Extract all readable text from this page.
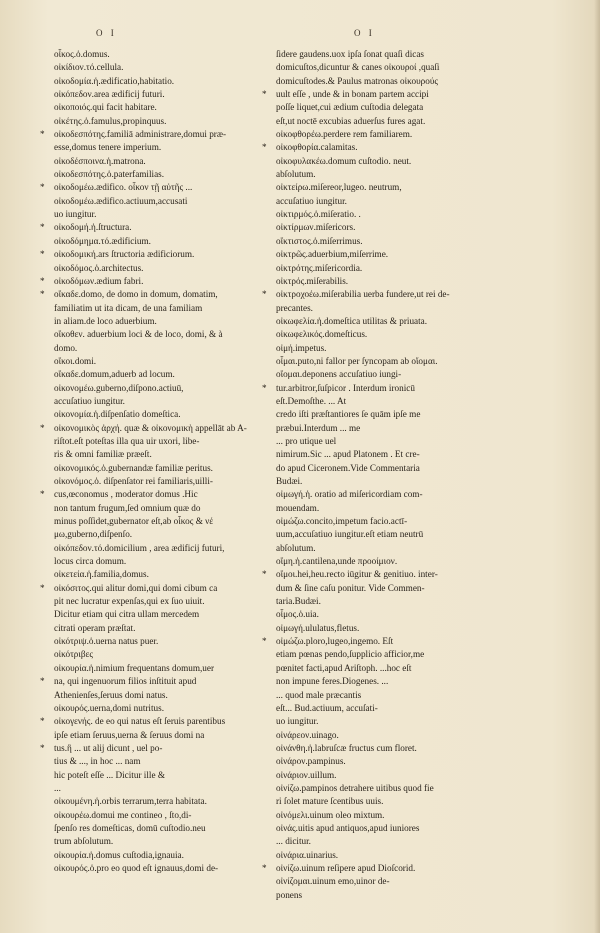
O I	O I
οἶκος.ὁ.domus.
οἰκίδιον.τό.cellula.
οἰκοδομία.ἡ.ædificatio,habitatio.
οἰκόπεδον.area ædificij futuri.
οἰκοποιός.qui facit habitare.
οἰκέτης.ὁ.famulus,propinquus.
* οἰκοδεσπότης.familiā administrare,domui præ-
esse,domus tenere imperium.
οἰκοδέσποινα.ἡ.matrona.
οἰκοδεσπότης.ὁ.paterfamilias.
* οἰκοδομέω.ædifico. οἶκον τῇ αὐτῆς ...
οἰκοδομέω.ædifico.actiuum,accusati
uo iungitur.
* οἰκοδομή.ἡ.ſtructura.
οἰκοδόμημα.τό.ædificium.
* οἰκοδομική.ars ſtructoria ædificiorum.
οἰκοδόμος.ὁ.architectus.
* οἰκοδόμων.ædium fabri.
* οἴκαδε.domo, de domo in domum, domatim,
familiatim ut ita dicam, de una familiam
in aliam.de loco aduerbium.
οἴκοθεν. aduerbium loci & de loco, domi, & à
domo.
οἴκοι.domi.
οἴκαδε.domum,aduerb ad locum.
οἰκονομέω.guberno,diſpono.actiuū,
accuſatiuo iungitur.
οἰκονομία.ἡ.diſpenſatio domeſtica.
* οἰκονομικὸς ἀρχή. quæ & οἰκονομικὴ appellāt ab A-
riſtot.eſt poteſtas illa qua uir uxori, libe-
ris & omni familiæ præeſt.
οἰκονομικός.ὁ.gubernandæ familiæ peritus.
οἰκονόμος.ὁ. diſpenſator rei familiaris,uilli-
* cus,œconomus , moderator domus .Hic
non tantum frugum,ſed omnium quæ do
minus poſſidet,gubernator eſt,ab οἶκος & νέ
μω,guberno,diſpenſo.
οἰκόπεδον.τό.domicilium , area ædificij futuri,
locus circa domum.
οἰκετεία.ἡ.familia,domus.
* οἰκόσιτος.qui alitur domi,qui domi cibum ca
pit nec lucratur expenſas,qui ex ſuo uiuit.
Dicitur etiam qui citra ullam mercedem
citrati operam præſtat.
οἰκότριψ.ὁ.uerna natus puer.
οἰκότριβες
οἰκουρία.ἡ.nimium frequentans domum,uer
* na, qui ingenuorum filios inſtituit apud
Athenienſes,ſeruus domi natus.
οἰκουρός.uerna,domi nutritus.
* οἰκογενής. de eo qui natus eſt ſeruis parentibus
ipſe etiam ſeruus,uerna & ſeruus domi na
* tus.ἢ ... ut alij dicunt , uel po-
tius & ..., in hoc ... nam
hic poteſt eſſe ... Dicitur ille &
...
οἰκουμένη.ἡ.orbis terrarum,terra habitata.
οἰκουρέω.domui me contineo , ſto,di-
ſpenſo res domeſticas, domū cuſtodio.neu
trum abſolutum.
οἰκουρία.ἡ.domus cuſtodia,ignauia.
οἰκουρός.ὁ.pro eo quod eſt ignauus,domi de-
ſidere gaudens.uox ipſa ſonat quaſi dicas
domicuſtos,dicuntur & canes οἰκουροί ,quaſi
domicuſtodes.& Paulus matronas οἰκουρούς
* uult eſſe , unde & in bonam partem accipi
poſſe liquet,cui ædium cuſtodia delegata
eſt,ut noctē excubias aduerſus fures agat.
οἰκοφθορέω.perdere rem familiarem.
* οἰκοφθορία.calamitas.
οἰκοφυλακέω.domum cuſtodio. neut.
abſolutum.
οἰκτείρω.miſereor,lugeo. neutrum,
accuſatiuo iungitur.
οἰκτιρμός.ὁ.miſeratio. .
οἰκτίρμων.miſericors.
οἴκτιστος.ὁ.miſerrimus.
οἰκτρῶς.aduerbium,miſerrime.
οἰκτρότης.miſericordia.
οἰκτρός.miſerabilis.
* οἰκτροχοέω.miſerabilia uerba fundere,ut rei de-
precantes.
οἰκωφελία.ἡ.domeſtica utilitas & priuata.
οἰκωφελικός.domeſticus.
οἰμή.impetus.
οἶμαι.puto,ni fallor per ſyncopam ab οἴομαι.
οἴομαι.deponens accuſatiuo iungi-
* tur.arbitror,ſuſpicor . Interdum ironicū
eſt.Demoſthe. ... At
credo iſti præſtantiores ſe quām ipſe me
præbui.Interdum ... me
... pro utique uel
nimirum.Sic ... apud Platonem . Et cre-
do apud Ciceronem.Vide Commentaria
Budæi.
οἰμωγή.ἡ. oratio ad miſericordiam com-
mouendam.
οἰμώζω.concito,impetum facio.actī-
uum,accuſatiuo iungitur.eſt etiam neutrū
abſolutum.
οἴμη.ἡ.cantilena,unde προοίμιον.
* οἴμοι.hei,heu.recto iūgitur & genitiuo. inter-
dum & ſine caſu ponitur. Vide Commen-
taria.Budæi.
οἶμος.ὁ.uia.
οἰμωγή.ululatus,fletus.
* οἰμώζω.ploro,lugeo,ingemo. Eſt
etiam pœnas pendo,ſupplicio afficior,me
pœnitet facti,apud Ariſtoph. ...hoc eſt
non impune feres.Diogenes. ...
... quod male præcantis
eſt... Bud.actiuum, accuſati-
uo iungitur.
οἰνάρεον.uinago.
οἰνάνθη.ἡ.labruſcæ fructus cum floret.
οἰνάρον.pampinus.
οἰνάριον.uillum.
οἰνίζω.pampinos detrahere uitibus quod fie
ri ſolet mature ſcentibus uuis.
οἰνόμελι.uinum oleo mixtum.
οἰνάς.uitis apud antiquos,apud iuniores
... dicitur.
οἰνάρια.uinarius.
* οἰνίζω.uinum reſipere apud Dioſcorid.
οἰνίζομαι.uinum emo,uinor de-
ponens
